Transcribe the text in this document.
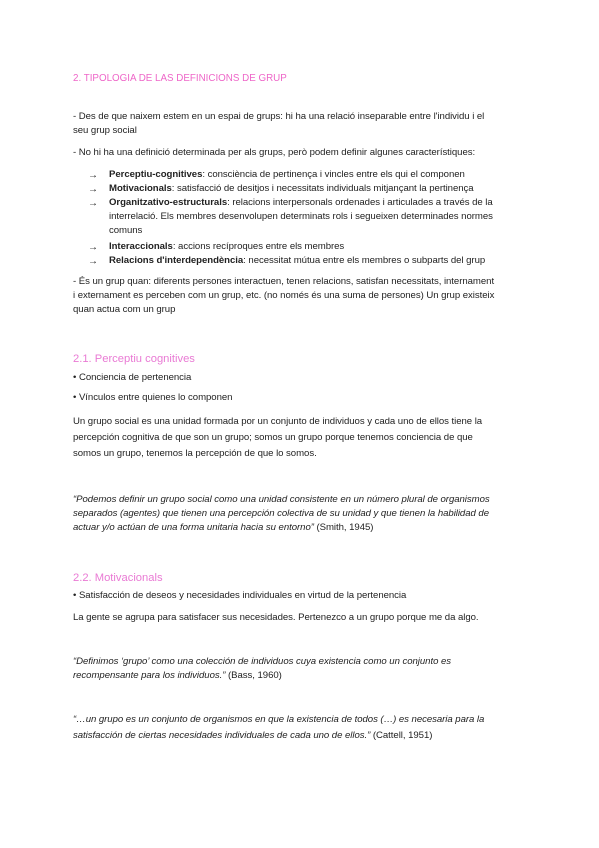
2. TIPOLOGIA DE LAS DEFINICIONS DE GRUP
- Des de que naixem estem en un espai de grups: hi ha una relació inseparable entre l'individu i el
seu grup social
- No hi ha una definició determinada per als grups, però podem definir algunes característiques:
→ Perceptiu-cognitives: consciència de pertinença i vincles entre els qui el componen
→ Motivacionals: satisfacció de desitjos i necessitats individuals mitjançant la pertinença
→ Organitzativo-estructurals: relacions interpersonals ordenades i articulades a través de la
interrelació. Els membres desenvolupen determinats rols i segueixen determinades normes
comuns
→ Interaccionals: accions recíproques entre els membres
→ Relacions d'interdependència: necessitat mútua entre els membres o subparts del grup
- És un grup quan: diferents persones interactuen, tenen relacions, satisfan necessitats, internament
i externament es perceben com un grup, etc. (no només és una suma de persones) Un grup existeix
quan actua com un grup
2.1. Perceptiu cognitives
• Conciencia de pertenencia
• Vínculos entre quienes lo componen
Un grupo social es una unidad formada por un conjunto de individuos y cada uno de ellos tiene la
percepción cognitiva de que son un grupo; somos un grupo porque tenemos conciencia de que
somos un grupo, tenemos la percepción de que lo somos.
“Podemos definir un grupo social como una unidad consistente en un número plural de organismos
separados (agentes) que tienen una percepción colectiva de su unidad y que tienen la habilidad de
actuar y/o actúan de una forma unitaria hacia su entorno” (Smith, 1945)
2.2. Motivacionals
• Satisfacción de deseos y necesidades individuales en virtud de la pertenencia
La gente se agrupa para satisfacer sus necesidades. Pertenezco a un grupo porque me da algo.
“Definimos ‘grupo’ como una colección de individuos cuya existencia como un conjunto es
recompensante para los individuos.” (Bass, 1960)
“…un grupo es un conjunto de organismos en que la existencia de todos (…) es necesaria para la
satisfacción de ciertas necesidades individuales de cada uno de ellos.” (Cattell, 1951)
